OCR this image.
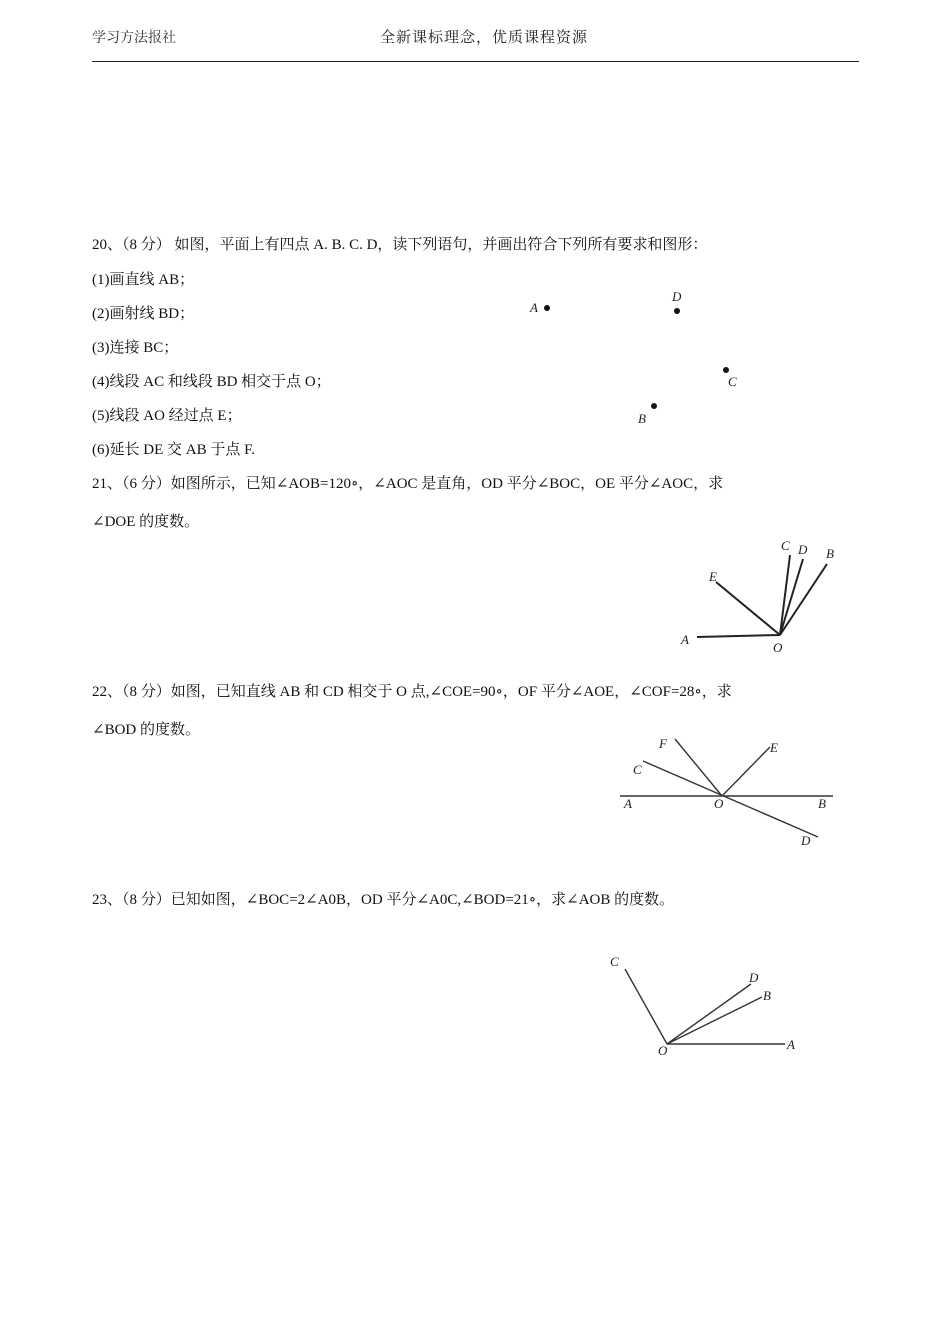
学习方法报社	全新课标理念，优质课程资源
20、（8 分） 如图，平面上有四点 A. B. C. D，读下列语句，并画出符合下列所有要求和图形：
(1)画直线 AB；
(2)画射线 BD；
(3)连接 BC；
(4)线段 AC 和线段 BD 相交于点 O；
(5)线段 AO 经过点 E；
(6)延长 DE 交 AB 于点 F.
A
D
C
B
21、（6 分）如图所示，已知∠AOB=120∘，∠AOC 是直角，OD 平分∠BOC，OE 平分∠AOC，求
∠DOE 的度数。
A
E
C D B
O
22、（8 分）如图，已知直线 AB 和 CD 相交于 O 点,∠COE=90∘，OF 平分∠AOE，∠COF=28∘，求
∠BOD 的度数。
A	B
C
D
E
F
O
23、（8 分）已知如图，∠BOC=2∠A0B，OD 平分∠A0C,∠BOD=21∘，求∠AOB 的度数。
C
D
B
A
O
